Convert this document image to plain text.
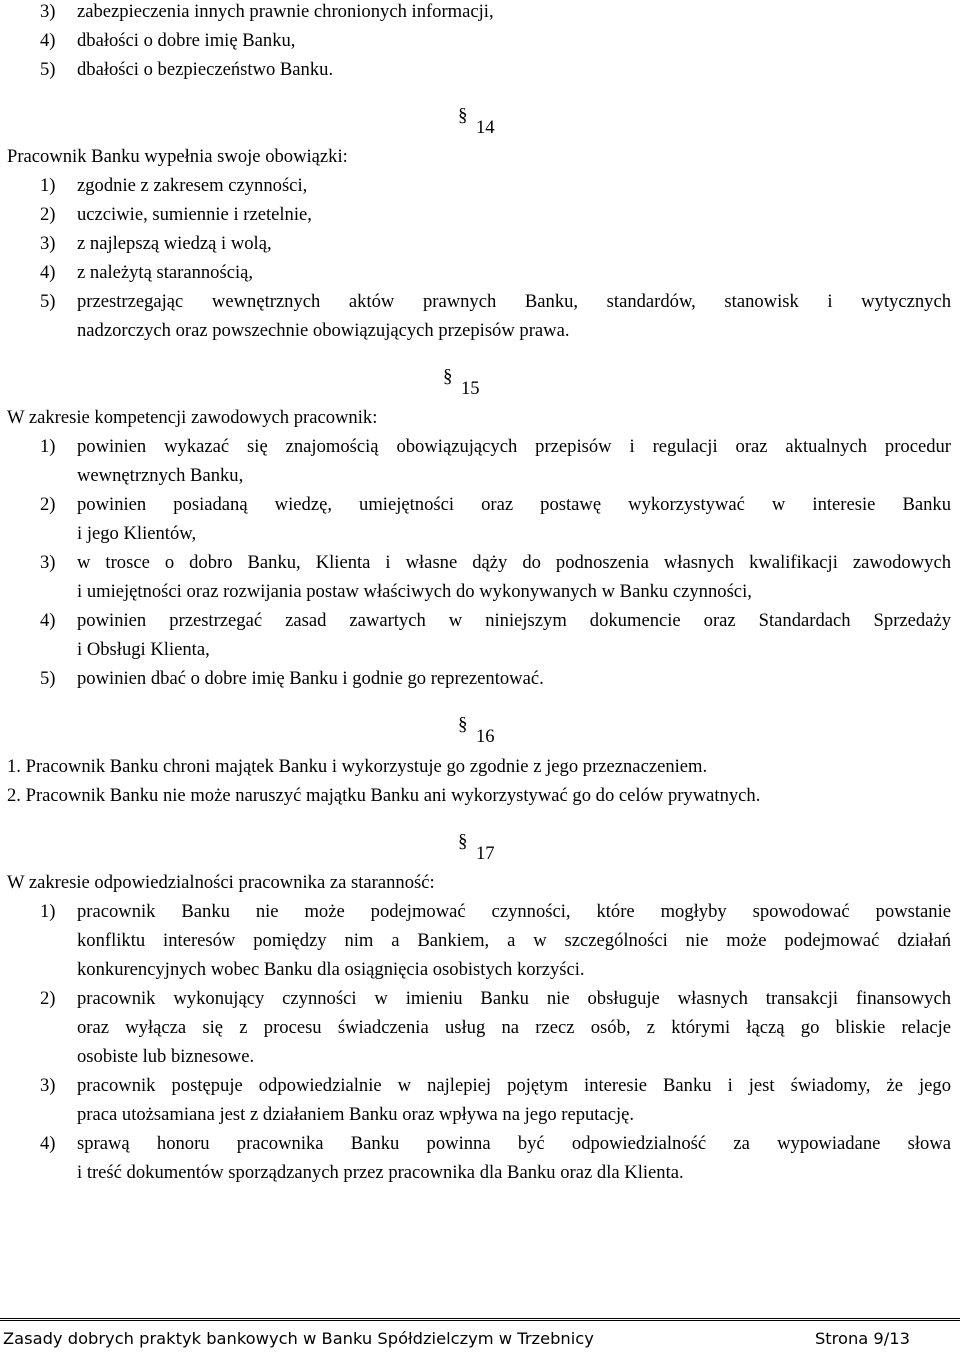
3) zabezpieczenia innych prawnie chronionych informacji,
4) dbałości o dobre imię Banku,
5) dbałości o bezpieczeństwo Banku.
§
14
Pracownik Banku wypełnia swoje obowiązki:
1) zgodnie z zakresem czynności,
2) uczciwie, sumiennie i rzetelnie,
3) z najlepszą wiedzą i wolą,
4) z należytą starannością,
5) przestrzegając wewnętrznych aktów prawnych Banku, standardów, stanowisk i wytycznych
nadzorczych oraz powszechnie obowiązujących przepisów prawa.
§
15
W zakresie kompetencji zawodowych pracownik:
1) powinien wykazać się znajomością obowiązujących przepisów i regulacji oraz aktualnych procedur
wewnętrznych Banku,
2) powinien posiadaną wiedzę, umiejętności oraz postawę wykorzystywać w interesie Banku
i jego Klientów,
3) w trosce o dobro Banku, Klienta i własne dąży do podnoszenia własnych kwalifikacji zawodowych
i umiejętności oraz rozwijania postaw właściwych do wykonywanych w Banku czynności,
4) powinien przestrzegać zasad zawartych w niniejszym dokumencie oraz Standardach Sprzedaży
i Obsługi Klienta,
5) powinien dbać o dobre imię Banku i godnie go reprezentować.
§
16
1. Pracownik Banku chroni majątek Banku i wykorzystuje go zgodnie z jego przeznaczeniem.
2. Pracownik Banku nie może naruszyć majątku Banku ani wykorzystywać go do celów prywatnych.
§
17
W zakresie odpowiedzialności pracownika za staranność:
1) pracownik Banku nie może podejmować czynności, które mogłyby spowodować powstanie
konfliktu interesów pomiędzy nim a Bankiem, a w szczególności nie może podejmować działań
konkurencyjnych wobec Banku dla osiągnięcia osobistych korzyści.
2) pracownik wykonujący czynności w imieniu Banku nie obsługuje własnych transakcji finansowych
oraz wyłącza się z procesu świadczenia usług na rzecz osób, z którymi łączą go bliskie relacje
osobiste lub biznesowe.
3) pracownik postępuje odpowiedzialnie w najlepiej pojętym interesie Banku i jest świadomy, że jego
praca utożsamiana jest z działaniem Banku oraz wpływa na jego reputację.
4) sprawą honoru pracownika Banku powinna być odpowiedzialność za wypowiadane słowa
i treść dokumentów sporządzanych przez pracownika dla Banku oraz dla Klienta.
Zasady dobrych praktyk bankowych w Banku Spółdzielczym w Trzebnicy	Strona 9/13
